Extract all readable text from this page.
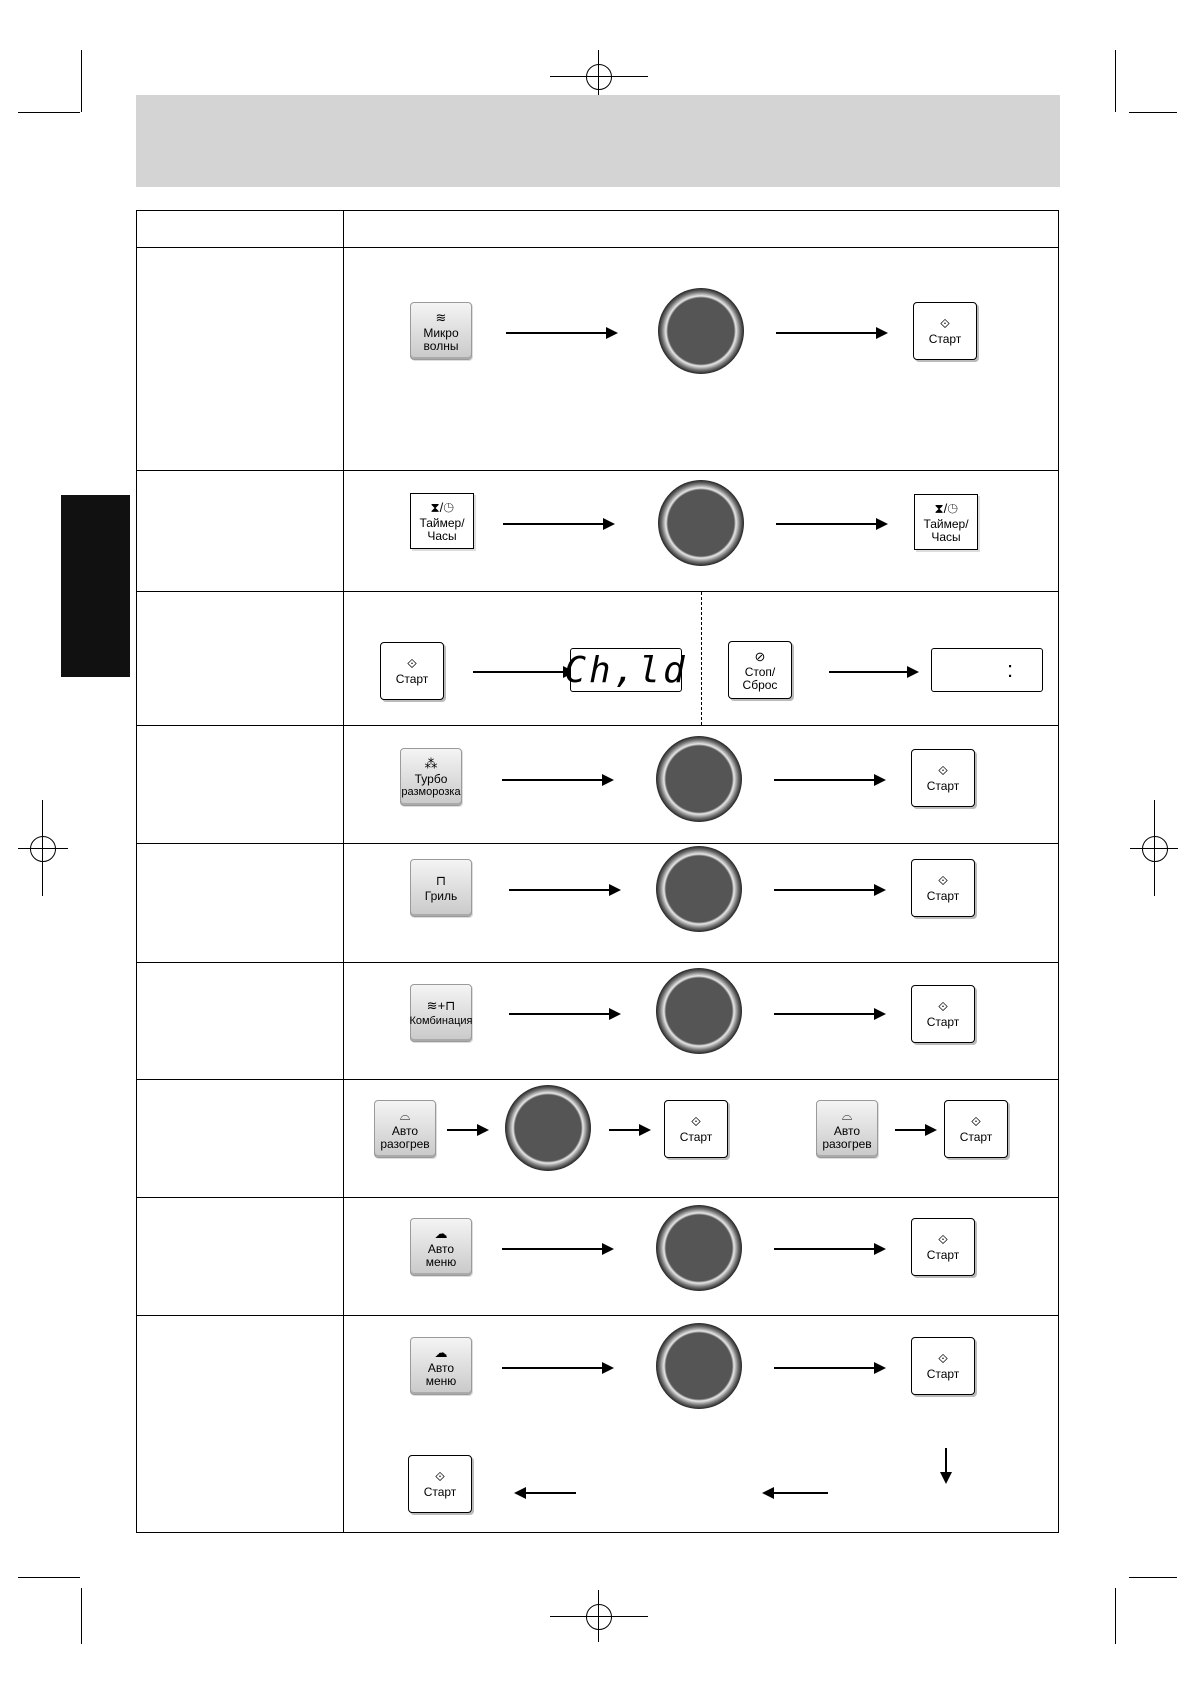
≋
Микро
волны
⟐
Старт
⧗/◷
Таймер/
Часы
⧗/◷
Таймер/
Часы
⟐
Старт	Ch,ld	⊘
Стоп/
Сброс
:
⁂
Турбо
разморозка
⟐
Старт
⊓
Гриль
⟐
Старт
≋+⊓
Комбинация
⟐
Старт
⌓
Авто
разогрев
⟐
Старт
⌓
Авто
разогрев
⟐
Старт
☁
Авто
меню
⟐
Старт
☁
Авто
меню
⟐
Старт
⟐
Старт
